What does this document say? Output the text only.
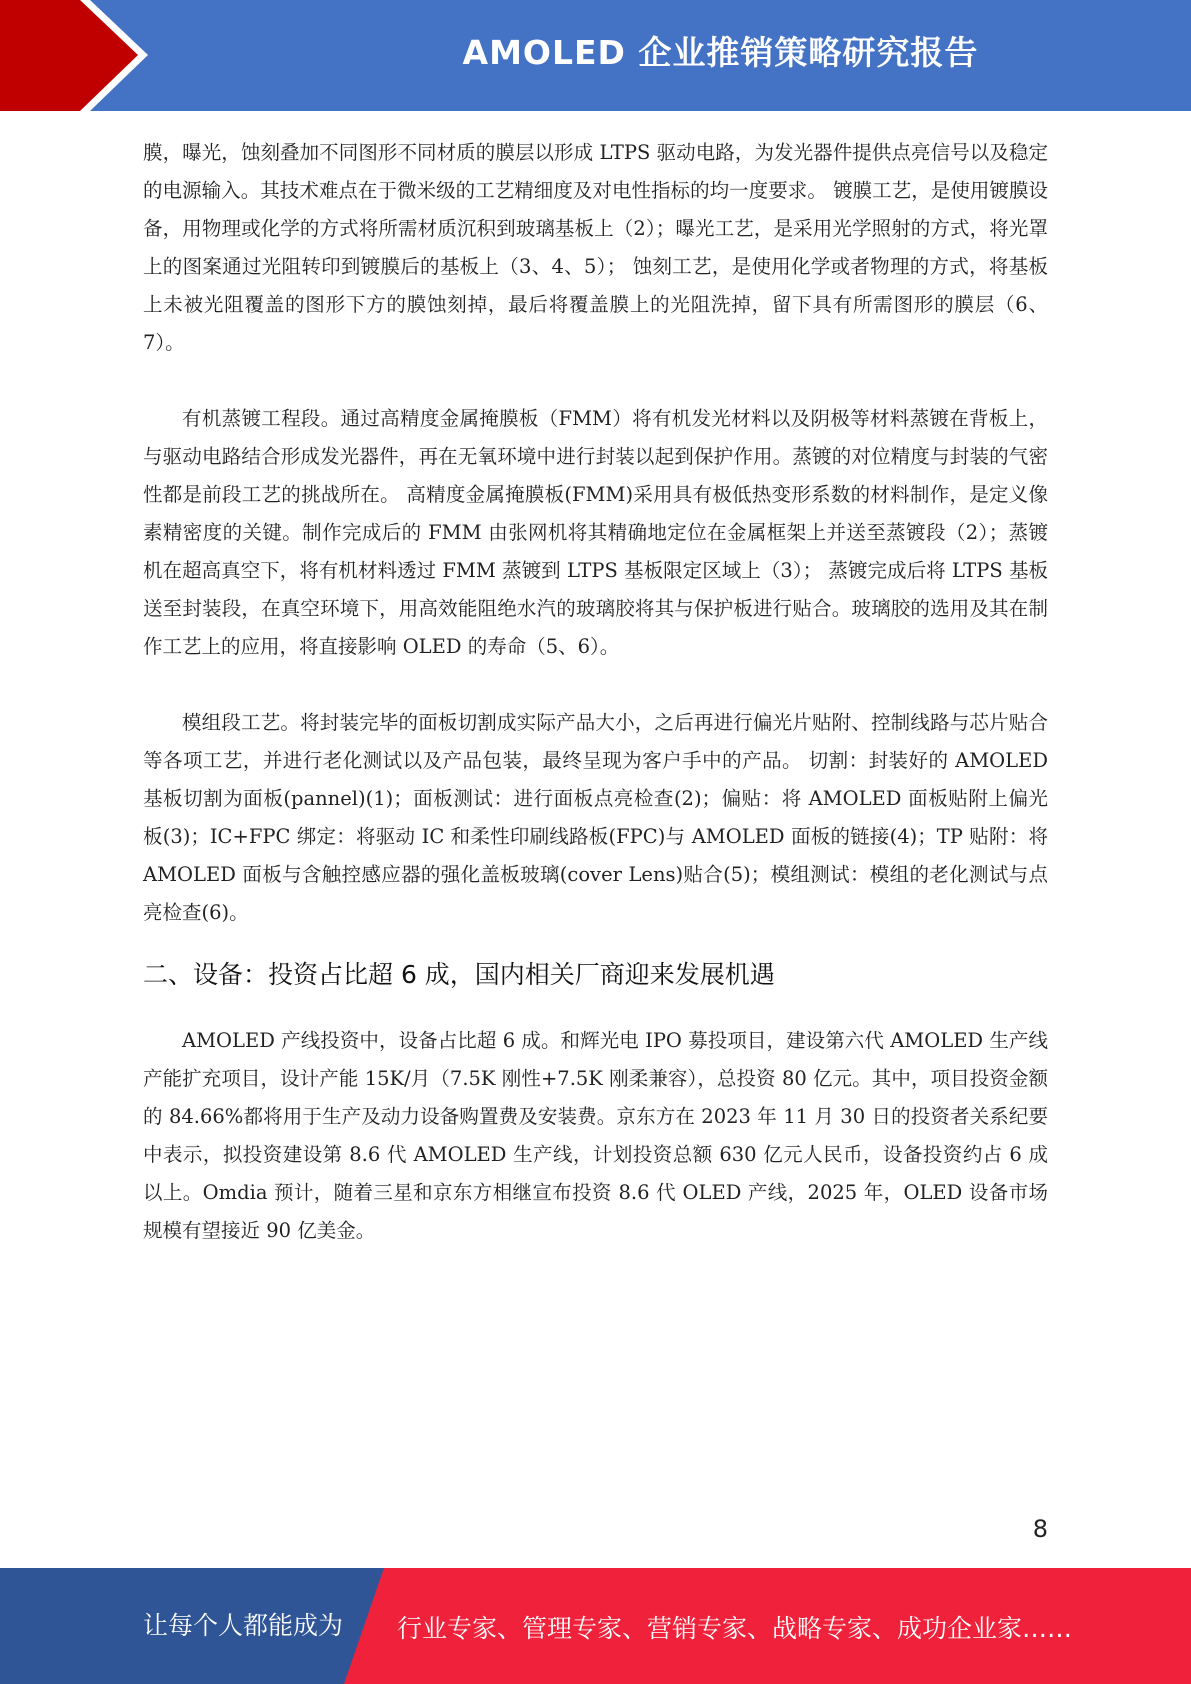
AMOLED 企业推销策略研究报告

膜，曝光，蚀刻叠加不同图形不同材质的膜层以形成 LTPS 驱动电路，为发光器件提供点亮信号以及稳定的电源输入。其技术难点在于微米级的工艺精细度及对电性指标的均一度要求。 镀膜工艺，是使用镀膜设备，用物理或化学的方式将所需材质沉积到玻璃基板上（2）；曝光工艺，是采用光学照射的方式，将光罩上的图案通过光阻转印到镀膜后的基板上（3、4、5）； 蚀刻工艺，是使用化学或者物理的方式，将基板上未被光阻覆盖的图形下方的膜蚀刻掉，最后将覆盖膜上的光阻洗掉，留下具有所需图形的膜层（6、7）。

有机蒸镀工程段。通过高精度金属掩膜板（FMM）将有机发光材料以及阴极等材料蒸镀在背板上，与驱动电路结合形成发光器件，再在无氧环境中进行封装以起到保护作用。蒸镀的对位精度与封装的气密性都是前段工艺的挑战所在。 高精度金属掩膜板(FMM)采用具有极低热变形系数的材料制作，是定义像素精密度的关键。制作完成后的 FMM 由张网机将其精确地定位在金属框架上并送至蒸镀段（2）；蒸镀机在超高真空下，将有机材料透过 FMM 蒸镀到 LTPS 基板限定区域上（3）； 蒸镀完成后将 LTPS 基板送至封装段，在真空环境下，用高效能阻绝水汽的玻璃胶将其与保护板进行贴合。玻璃胶的选用及其在制作工艺上的应用，将直接影响 OLED 的寿命（5、6）。

模组段工艺。将封装完毕的面板切割成实际产品大小，之后再进行偏光片贴附、控制线路与芯片贴合等各项工艺，并进行老化测试以及产品包装，最终呈现为客户手中的产品。 切割：封装好的 AMOLED 基板切割为面板(pannel)(1)；面板测试：进行面板点亮检查(2)；偏贴：将 AMOLED 面板贴附上偏光板(3)；IC+FPC 绑定：将驱动 IC 和柔性印刷线路板(FPC)与 AMOLED 面板的链接(4)；TP 贴附：将 AMOLED 面板与含触控感应器的强化盖板玻璃(cover Lens)贴合(5)；模组测试：模组的老化测试与点亮检查(6)。

二、设备：投资占比超 6 成，国内相关厂商迎来发展机遇

AMOLED 产线投资中，设备占比超 6 成。和辉光电 IPO 募投项目，建设第六代 AMOLED 生产线产能扩充项目，设计产能 15K/月（7.5K 刚性+7.5K 刚柔兼容），总投资 80 亿元。其中，项目投资金额的 84.66%都将用于生产及动力设备购置费及安装费。京东方在 2023 年 11 月 30 日的投资者关系纪要中表示，拟投资建设第 8.6 代 AMOLED 生产线，计划投资总额 630 亿元人民币，设备投资约占 6 成以上。Omdia 预计，随着三星和京东方相继宣布投资 8.6 代 OLED 产线，2025 年，OLED 设备市场规模有望接近 90 亿美金。

8
让每个人都能成为 行业专家、管理专家、营销专家、战略专家、成功企业家……
